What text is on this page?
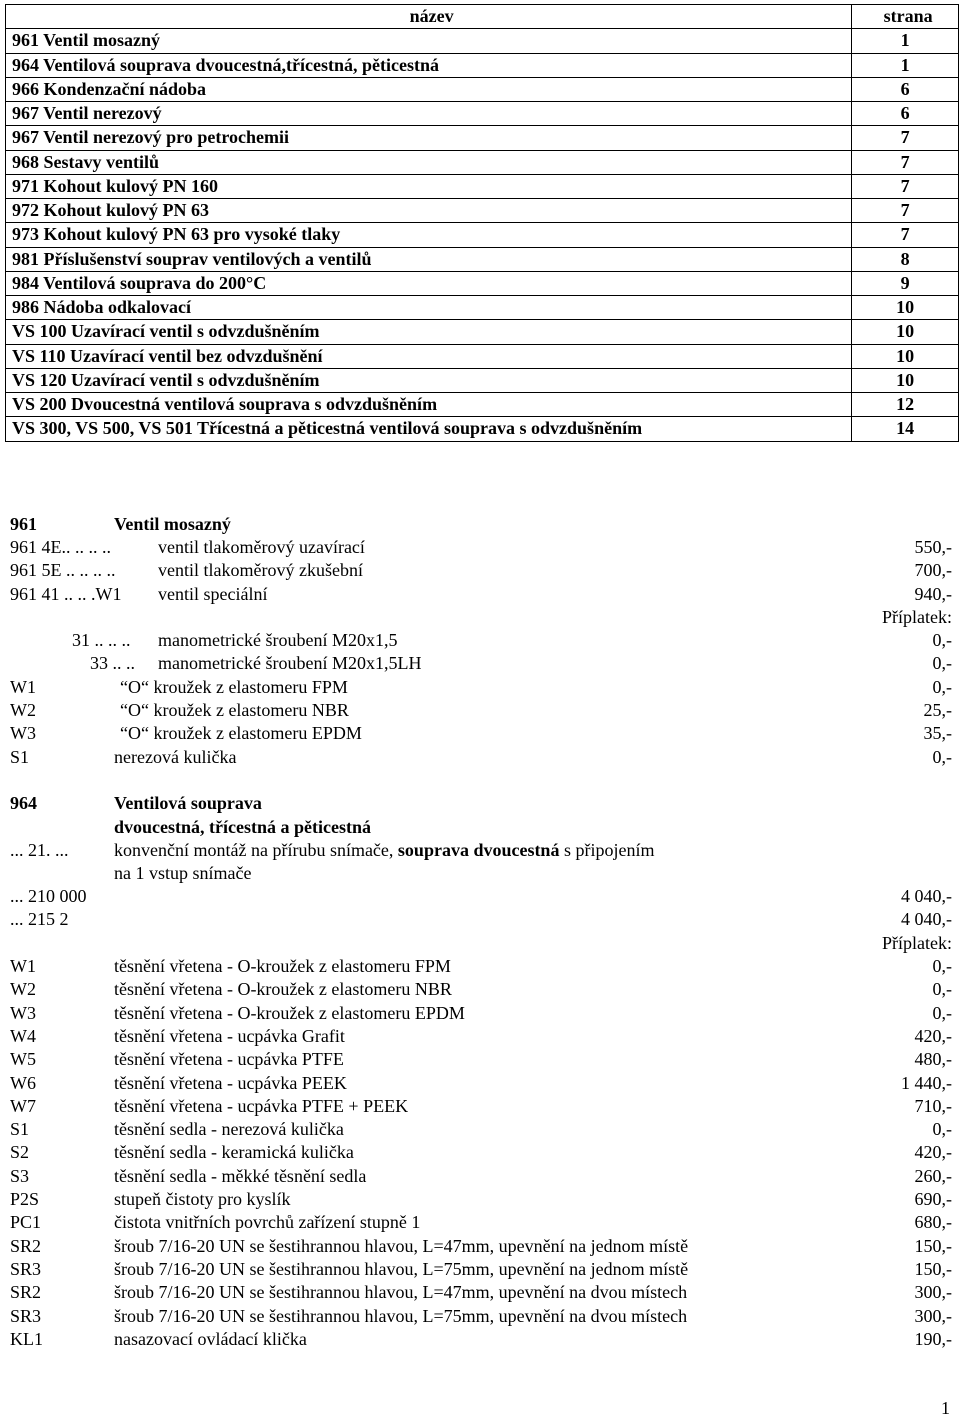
název	strana
961 Ventil mosazný	1
964 Ventilová souprava dvoucestná,třícestná, pěticestná	1
966 Kondenzační nádoba	6
967 Ventil nerezový	6
967 Ventil nerezový pro petrochemii	7
968 Sestavy ventilů	7
971 Kohout kulový PN 160	7
972 Kohout kulový PN 63	7
973 Kohout kulový PN 63 pro vysoké tlaky	7
981 Příslušenství souprav ventilových a ventilů	8
984 Ventilová souprava do 200°C	9
986 Nádoba odkalovací	10
VS 100 Uzavírací ventil s odvzdušněním	10
VS 110 Uzavírací ventil bez odvzdušnění	10
VS 120 Uzavírací ventil s odvzdušněním	10
VS 200 Dvoucestná ventilová souprava s odvzdušněním	12
VS 300, VS 500, VS 501 Třícestná a pěticestná ventilová souprava s odvzdušněním	14
961	Ventil mosazný
961 4E.. .. .. ..	ventil tlakoměrový uzavírací	550,-
961 5E .. .. .. .. ventil tlakoměrový zkušební	700,-
961 41 .. .. .W1 ventil speciální	940,-
Příplatek:
31 .. .. .. manometrické šroubení M20x1,5	0,-
33 .. .. manometrické šroubení M20x1,5LH	0,-
W1	“O“ kroužek z elastomeru FPM	0,-
W2	“O“ kroužek z elastomeru NBR	25,-
W3	“O“ kroužek z elastomeru EPDM	35,-
S1	nerezová kulička	0,-
964	Ventilová souprava
dvoucestná, třícestná a pěticestná
... 21. ...	konvenční montáž na přírubu snímače, souprava dvoucestná s připojením
na 1 vstup snímače
... 210 000	4 040,-
... 215 2	4 040,-
Příplatek:
W1	těsnění vřetena - O-kroužek z elastomeru FPM	0,-
W2	těsnění vřetena - O-kroužek z elastomeru NBR	0,-
W3	těsnění vřetena - O-kroužek z elastomeru EPDM	0,-
W4	těsnění vřetena - ucpávka Grafit	420,-
W5	těsnění vřetena - ucpávka PTFE	480,-
W6	těsnění vřetena - ucpávka PEEK	1 440,-
W7	těsnění vřetena - ucpávka PTFE + PEEK	710,-
S1	těsnění sedla - nerezová kulička	0,-
S2	těsnění sedla - keramická kulička	420,-
S3	těsnění sedla - měkké těsnění sedla	260,-
P2S	stupeň čistoty pro kyslík	690,-
PC1	čistota vnitřních povrchů zařízení stupně 1	680,-
SR2	šroub 7/16-20 UN se šestihrannou hlavou, L=47mm, upevnění na jednom místě	150,-
SR3	šroub 7/16-20 UN se šestihrannou hlavou, L=75mm, upevnění na jednom místě	150,-
SR2	šroub 7/16-20 UN se šestihrannou hlavou, L=47mm, upevnění na dvou místech	300,-
SR3	šroub 7/16-20 UN se šestihrannou hlavou, L=75mm, upevnění na dvou místech	300,-
KL1	nasazovací ovládací klička	190,-
1
